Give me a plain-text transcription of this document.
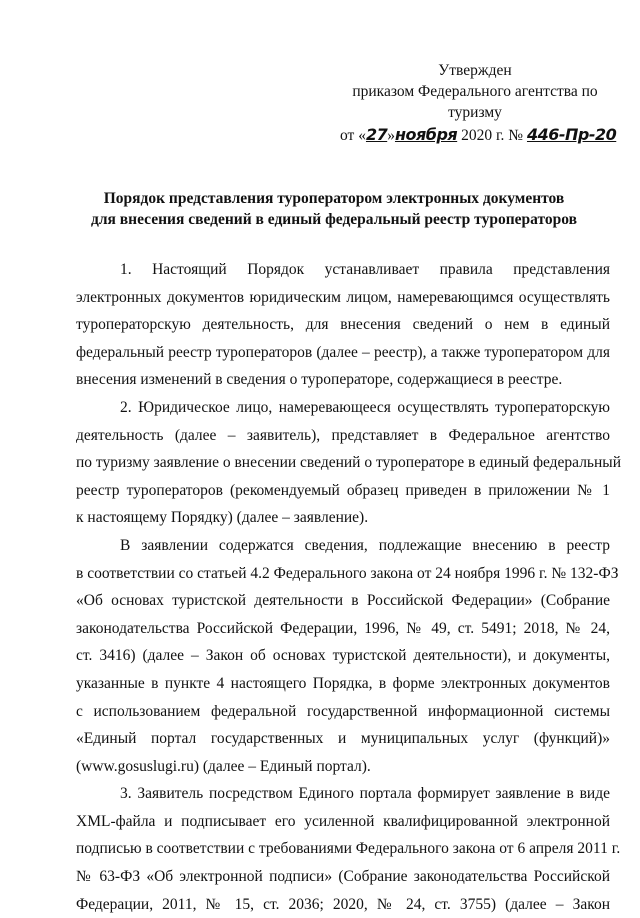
Утвержден
приказом Федерального агентства по
туризму
от «27»ноября 2020 г. № 446-Пр-20
Порядок представления туроператором электронных документов
для внесения сведений в единый федеральный реестр туроператоров
1. Настоящий Порядок устанавливает правила представления
электронных документов юридическим лицом, намеревающимся осуществлять
туроператорскую деятельность, для внесения сведений о нем в единый
федеральный реестр туроператоров (далее – реестр), а также туроператором для
внесения изменений в сведения о туроператоре, содержащиеся в реестре.
2. Юридическое лицо, намеревающееся осуществлять туроператорскую
деятельность (далее – заявитель), представляет в Федеральное агентство
по туризму заявление о внесении сведений о туроператоре в единый федеральный
реестр туроператоров (рекомендуемый образец приведен в приложении № 1
к настоящему Порядку) (далее – заявление).
В заявлении содержатся сведения, подлежащие внесению в реестр
в соответствии со статьей 4.2 Федерального закона от 24 ноября 1996 г. № 132-ФЗ
«Об основах туристской деятельности в Российской Федерации» (Собрание
законодательства Российской Федерации, 1996, № 49, ст. 5491; 2018, № 24,
ст. 3416) (далее – Закон об основах туристской деятельности), и документы,
указанные в пункте 4 настоящего Порядка, в форме электронных документов
с использованием федеральной государственной информационной системы
«Единый портал государственных и муниципальных услуг (функций)»
(www.gosuslugi.ru) (далее – Единый портал).
3. Заявитель посредством Единого портала формирует заявление в виде
XML-файла и подписывает его усиленной квалифицированной электронной
подписью в соответствии с требованиями Федерального закона от 6 апреля 2011 г.
№ 63-ФЗ «Об электронной подписи» (Собрание законодательства Российской
Федерации, 2011, № 15, ст. 2036; 2020, № 24, ст. 3755) (далее – Закон
